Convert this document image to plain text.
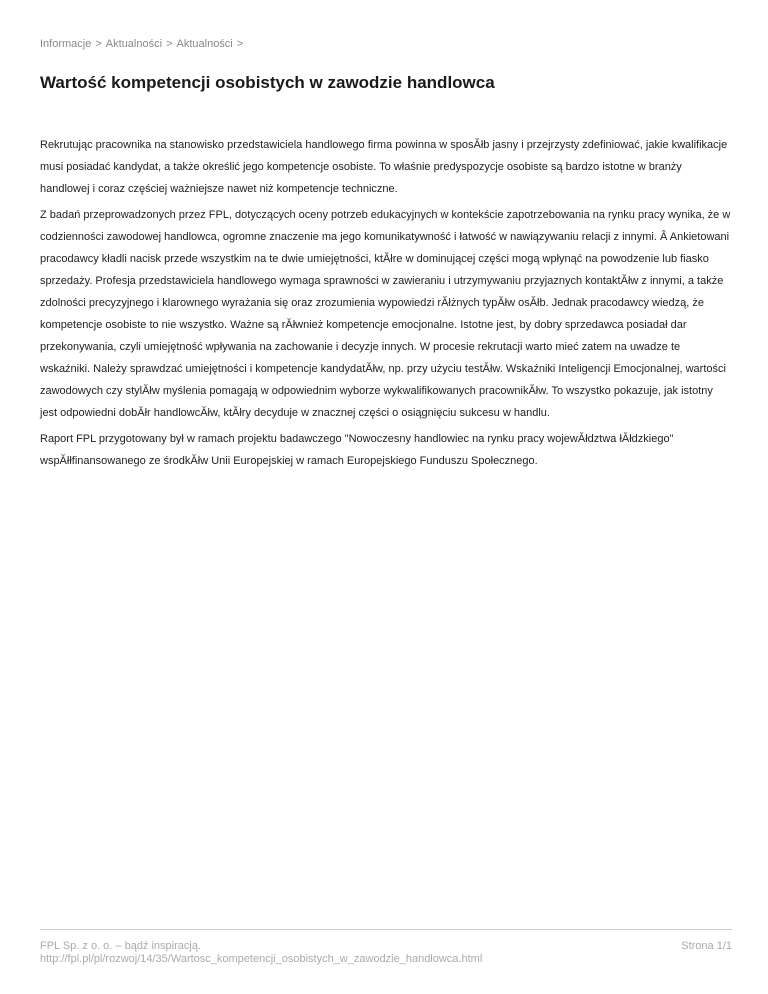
Informacje > Aktualności > Aktualności >
Wartość kompetencji osobistych w zawodzie handlowca

Rekrutując pracownika na stanowisko przedstawiciela handlowego firma powinna w sposĂłb jasny i przejrzysty zdefiniować, jakie kwalifikacje musi posiadać kandydat, a także określić jego kompetencje osobiste. To właśnie predyspozycje osobiste są bardzo istotne w branży handlowej i coraz częściej ważniejsze nawet niż kompetencje techniczne.

Z badań przeprowadzonych przez FPL, dotyczących oceny potrzeb edukacyjnych w kontekście zapotrzebowania na rynku pracy wynika, że w codzienności zawodowej handlowca, ogromne znaczenie ma jego komunikatywność i łatwość w nawiązywaniu relacji z innymi. Â Ankietowani pracodawcy kładli nacisk przede wszystkim na te dwie umiejętności, ktĂłre w dominującej części mogą wpłynąć na powodzenie lub fiasko sprzedaży. Profesja przedstawiciela handlowego wymaga sprawności w zawieraniu i utrzymywaniu przyjaznych kontaktĂłw z innymi, a także zdolności precyzyjnego i klarownego wyrażania się oraz zrozumienia wypowiedzi rĂłżnych typĂłw osĂłb. Jednak pracodawcy wiedzą, że kompetencje osobiste to nie wszystko. Ważne są rĂłwnież kompetencje emocjonalne. Istotne jest, by dobry sprzedawca posiadał dar przekonywania, czyli umiejętność wpływania na zachowanie i decyzje innych. W procesie rekrutacji warto mieć zatem na uwadze te wskaźniki. Należy sprawdzać umiejętności i kompetencje kandydatĂłw, np. przy użyciu testĂłw. Wskaźniki Inteligencji Emocjonalnej, wartości zawodowych czy stylĂłw myślenia pomagają w odpowiednim wyborze wykwalifikowanych pracownikĂłw. To wszystko pokazuje, jak istotny jest odpowiedni dobĂłr handlowcĂłw, ktĂłry decyduje w znacznej części o osiągnięciu sukcesu w handlu.

Raport FPL przygotowany był w ramach projektu badawczego "Nowoczesny handlowiec na rynku pracy wojewĂłdztwa łĂłdzkiego" wspĂłłfinansowanego ze środkĂłw Unii Europejskiej w ramach Europejskiego Funduszu Społecznego.

FPL Sp. z o. o. – bądź inspiracją.
http://fpl.pl/pl/rozwoj/14/35/Wartosc_kompetencji_osobistych_w_zawodzie_handlowca.html
Strona 1/1
